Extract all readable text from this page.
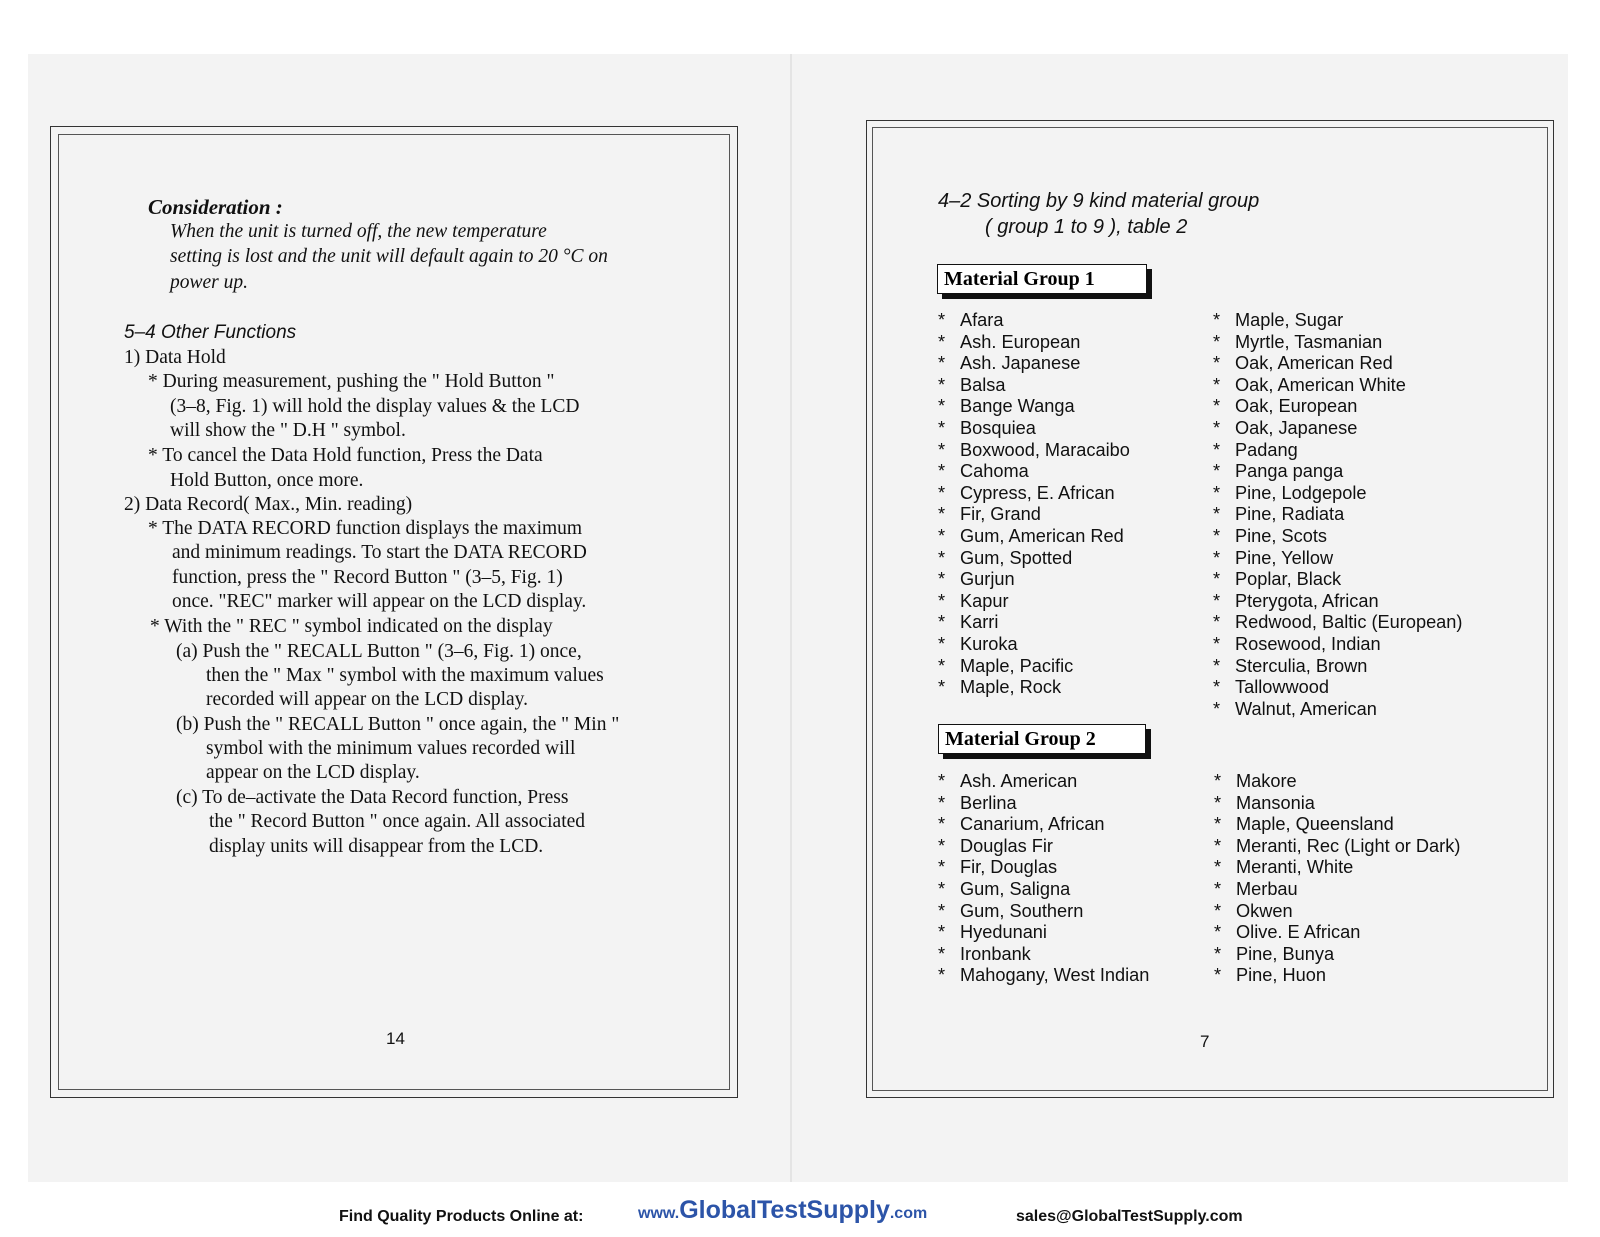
Consideration :
When the unit is turned off, the new temperature
setting is lost and the unit will default again to 20 °C on
power up.
5–4 Other Functions
1) Data Hold
* During measurement, pushing the " Hold Button "
(3–8, Fig. 1) will hold the display values & the LCD
will show the " D.H " symbol.
* To cancel the Data Hold function, Press the Data
Hold Button, once more.
2) Data Record( Max., Min. reading)
* The DATA RECORD function displays the maximum
and minimum readings. To start the DATA RECORD
function, press the " Record Button " (3–5, Fig. 1)
once. "REC" marker will appear on the LCD display.
* With the " REC " symbol indicated on the display
(a) Push the " RECALL Button " (3–6, Fig. 1) once,
then the " Max " symbol with the maximum values
recorded will appear on the LCD display.
(b) Push the " RECALL Button " once again, the " Min "
symbol with the minimum values recorded will
appear on the LCD display.
(c) To de–activate the Data Record function, Press
the " Record Button " once again. All associated
display units will disappear from the LCD.
14
4–2 Sorting by 9 kind material group
( group 1 to 9 ), table 2
Material Group 1
* Afara
* Ash. European
* Ash. Japanese
* Balsa
* Bange Wanga
* Bosquiea
* Boxwood, Maracaibo
* Cahoma
* Cypress, E. African
* Fir, Grand
* Gum, American Red
* Gum, Spotted
* Gurjun
* Kapur
* Karri
* Kuroka
* Maple, Pacific
* Maple, Rock
* Maple, Sugar
* Myrtle, Tasmanian
* Oak, American Red
* Oak, American White
* Oak, European
* Oak, Japanese
* Padang
* Panga panga
* Pine, Lodgepole
* Pine, Radiata
* Pine, Scots
* Pine, Yellow
* Poplar, Black
* Pterygota, African
* Redwood, Baltic (European)
* Rosewood, Indian
* Sterculia, Brown
* Tallowwood
* Walnut, American
Material Group 2
* Ash. American
* Berlina
* Canarium, African
* Douglas Fir
* Fir, Douglas
* Gum, Saligna
* Gum, Southern
* Hyedunani
* Ironbank
* Mahogany, West Indian
* Makore
* Mansonia
* Maple, Queensland
* Meranti, Rec (Light or Dark)
* Meranti, White
* Merbau
* Okwen
* Olive. E African
* Pine, Bunya
* Pine, Huon
7
Find Quality Products Online at:	www.GlobalTestSupply.com	sales@GlobalTestSupply.com
